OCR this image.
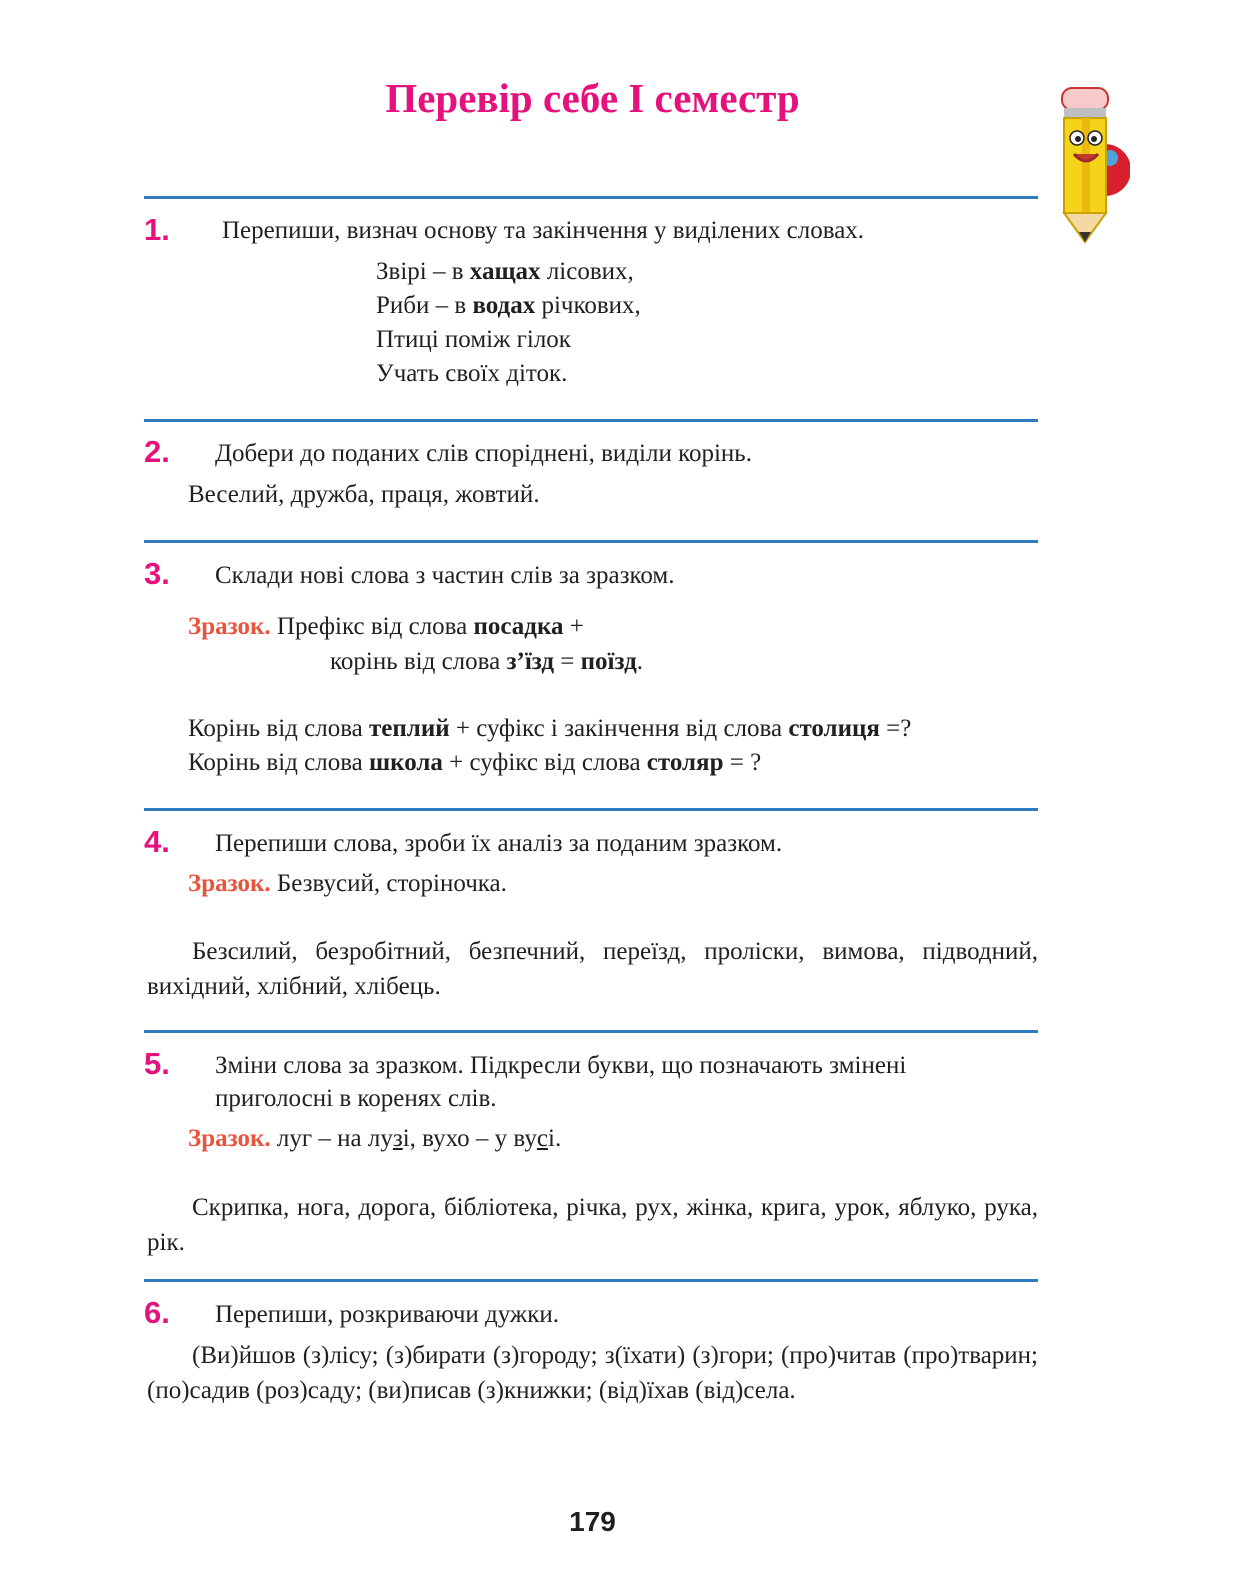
Перевір себе І семестр
1. Перепиши, визнач основу та закінчення у виділених словах.
Звірі – в хащах лісових,
Риби – в водах річкових,
Птиці поміж гілок
Учать своїх діток.
2. Добери до поданих слів споріднені, виділи корінь.
Веселий, дружба, праця, жовтий.
3. Склади нові слова з частин слів за зразком.
Зразок. Префікс від слова посадка +
корінь від слова з’їзд = поїзд.
Корінь від слова теплий + суфікс і закінчення від слова столиця =?
Корінь від слова школа + суфікс від слова столяр = ?
4. Перепиши слова, зроби їх аналіз за поданим зразком.
Зразок. Безвусий, сторіночка.
Безсилий, безробітний, безпечний, переїзд, проліски, вимова, підводний, вихідний, хлібний, хлібець.
5. Зміни слова за зразком. Підкресли букви, що позначають змінені
приголосні в коренях слів.
Зразок. луг – на лузі, вухо – у вусі.
Скрипка, нога, дорога, бібліотека, річка, рух, жінка, крига, урок, яблуко, рука, рік.
6. Перепиши, розкриваючи дужки.
(Ви)йшов (з)лісу; (з)бирати (з)городу; з(їхати) (з)гори; (про)читав (про)тварин; (по)садив (роз)саду; (ви)писав (з)книжки; (від)їхав (від)села.
179
